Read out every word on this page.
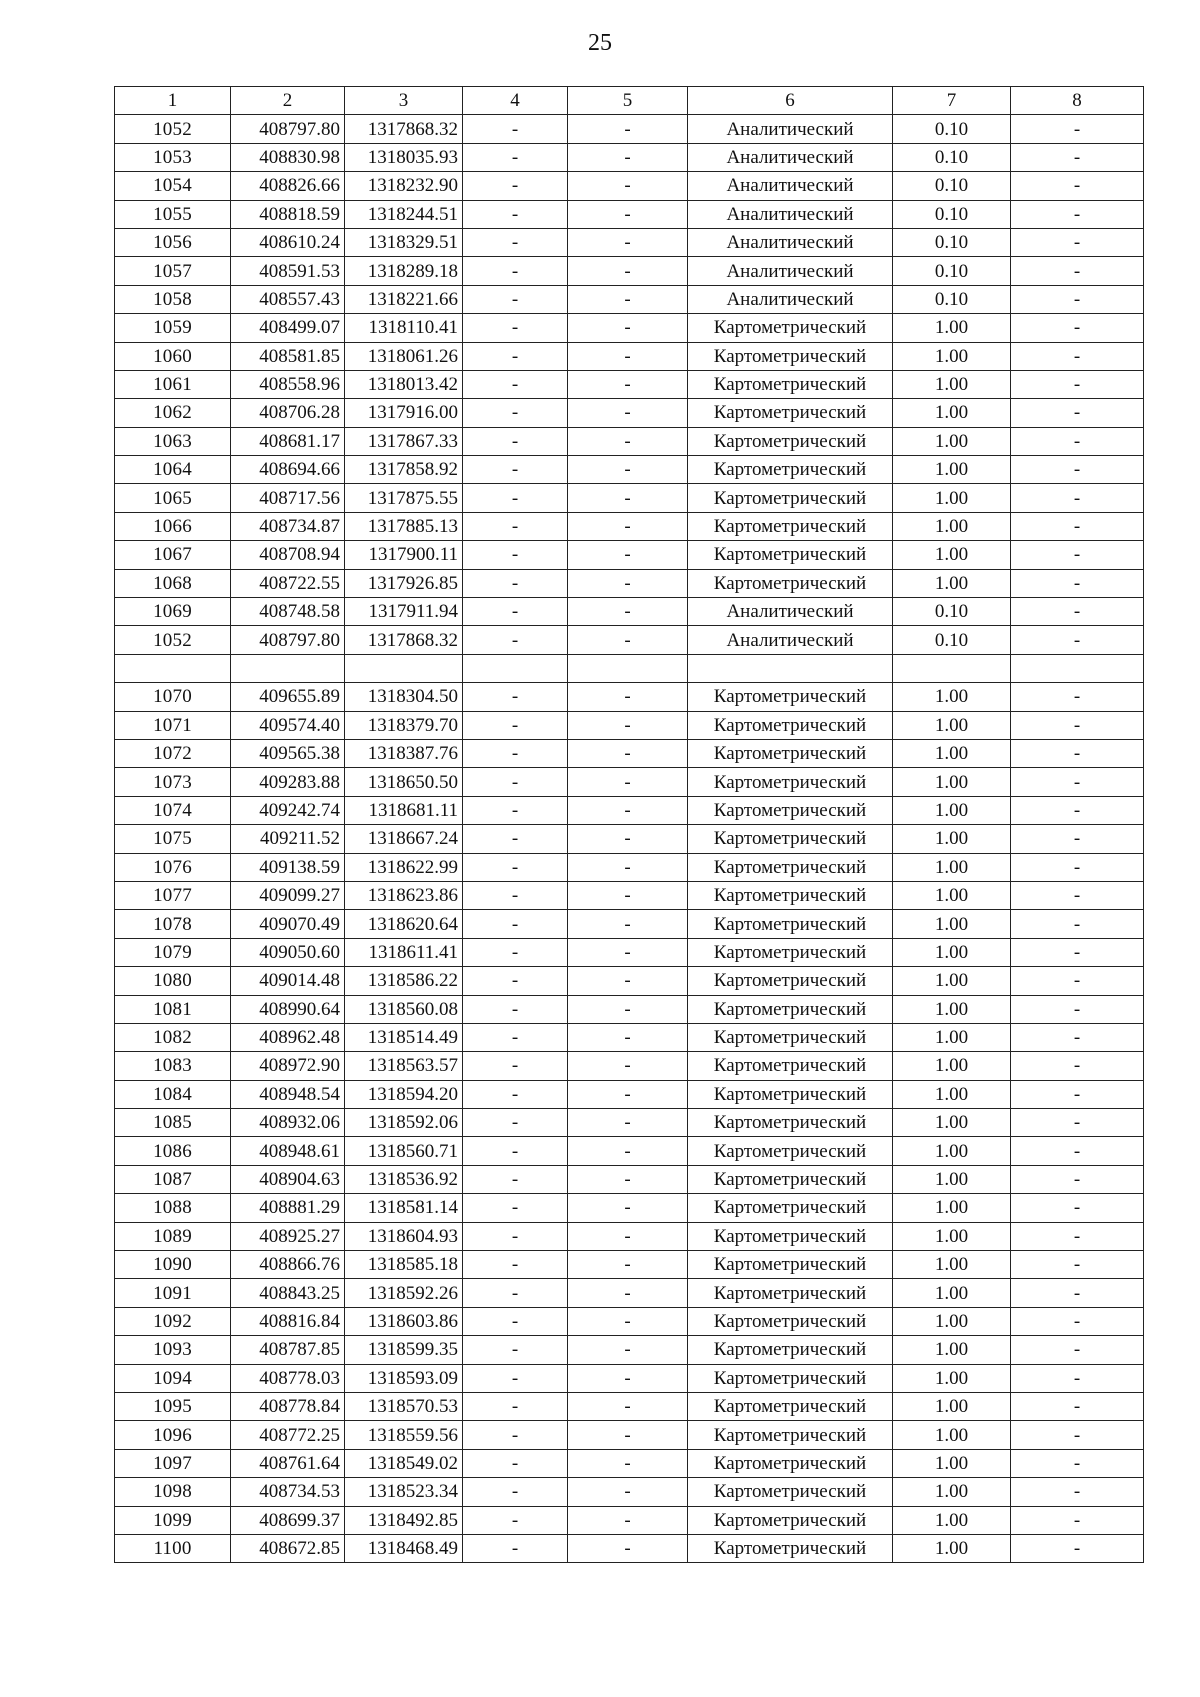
25
1	2	3	4	5	6	7	8
1052	408797.80	1317868.32	-	-	Аналитический	0.10	-
1053	408830.98	1318035.93	-	-	Аналитический	0.10	-
1054	408826.66	1318232.90	-	-	Аналитический	0.10	-
1055	408818.59	1318244.51	-	-	Аналитический	0.10	-
1056	408610.24	1318329.51	-	-	Аналитический	0.10	-
1057	408591.53	1318289.18	-	-	Аналитический	0.10	-
1058	408557.43	1318221.66	-	-	Аналитический	0.10	-
1059	408499.07	1318110.41	-	-	Картометрический	1.00	-
1060	408581.85	1318061.26	-	-	Картометрический	1.00	-
1061	408558.96	1318013.42	-	-	Картометрический	1.00	-
1062	408706.28	1317916.00	-	-	Картометрический	1.00	-
1063	408681.17	1317867.33	-	-	Картометрический	1.00	-
1064	408694.66	1317858.92	-	-	Картометрический	1.00	-
1065	408717.56	1317875.55	-	-	Картометрический	1.00	-
1066	408734.87	1317885.13	-	-	Картометрический	1.00	-
1067	408708.94	1317900.11	-	-	Картометрический	1.00	-
1068	408722.55	1317926.85	-	-	Картометрический	1.00	-
1069	408748.58	1317911.94	-	-	Аналитический	0.10	-
1052	408797.80	1317868.32	-	-	Аналитический	0.10	-

1070	409655.89	1318304.50	-	-	Картометрический	1.00	-
1071	409574.40	1318379.70	-	-	Картометрический	1.00	-
1072	409565.38	1318387.76	-	-	Картометрический	1.00	-
1073	409283.88	1318650.50	-	-	Картометрический	1.00	-
1074	409242.74	1318681.11	-	-	Картометрический	1.00	-
1075	409211.52	1318667.24	-	-	Картометрический	1.00	-
1076	409138.59	1318622.99	-	-	Картометрический	1.00	-
1077	409099.27	1318623.86	-	-	Картометрический	1.00	-
1078	409070.49	1318620.64	-	-	Картометрический	1.00	-
1079	409050.60	1318611.41	-	-	Картометрический	1.00	-
1080	409014.48	1318586.22	-	-	Картометрический	1.00	-
1081	408990.64	1318560.08	-	-	Картометрический	1.00	-
1082	408962.48	1318514.49	-	-	Картометрический	1.00	-
1083	408972.90	1318563.57	-	-	Картометрический	1.00	-
1084	408948.54	1318594.20	-	-	Картометрический	1.00	-
1085	408932.06	1318592.06	-	-	Картометрический	1.00	-
1086	408948.61	1318560.71	-	-	Картометрический	1.00	-
1087	408904.63	1318536.92	-	-	Картометрический	1.00	-
1088	408881.29	1318581.14	-	-	Картометрический	1.00	-
1089	408925.27	1318604.93	-	-	Картометрический	1.00	-
1090	408866.76	1318585.18	-	-	Картометрический	1.00	-
1091	408843.25	1318592.26	-	-	Картометрический	1.00	-
1092	408816.84	1318603.86	-	-	Картометрический	1.00	-
1093	408787.85	1318599.35	-	-	Картометрический	1.00	-
1094	408778.03	1318593.09	-	-	Картометрический	1.00	-
1095	408778.84	1318570.53	-	-	Картометрический	1.00	-
1096	408772.25	1318559.56	-	-	Картометрический	1.00	-
1097	408761.64	1318549.02	-	-	Картометрический	1.00	-
1098	408734.53	1318523.34	-	-	Картометрический	1.00	-
1099	408699.37	1318492.85	-	-	Картометрический	1.00	-
1100	408672.85	1318468.49	-	-	Картометрический	1.00	-
